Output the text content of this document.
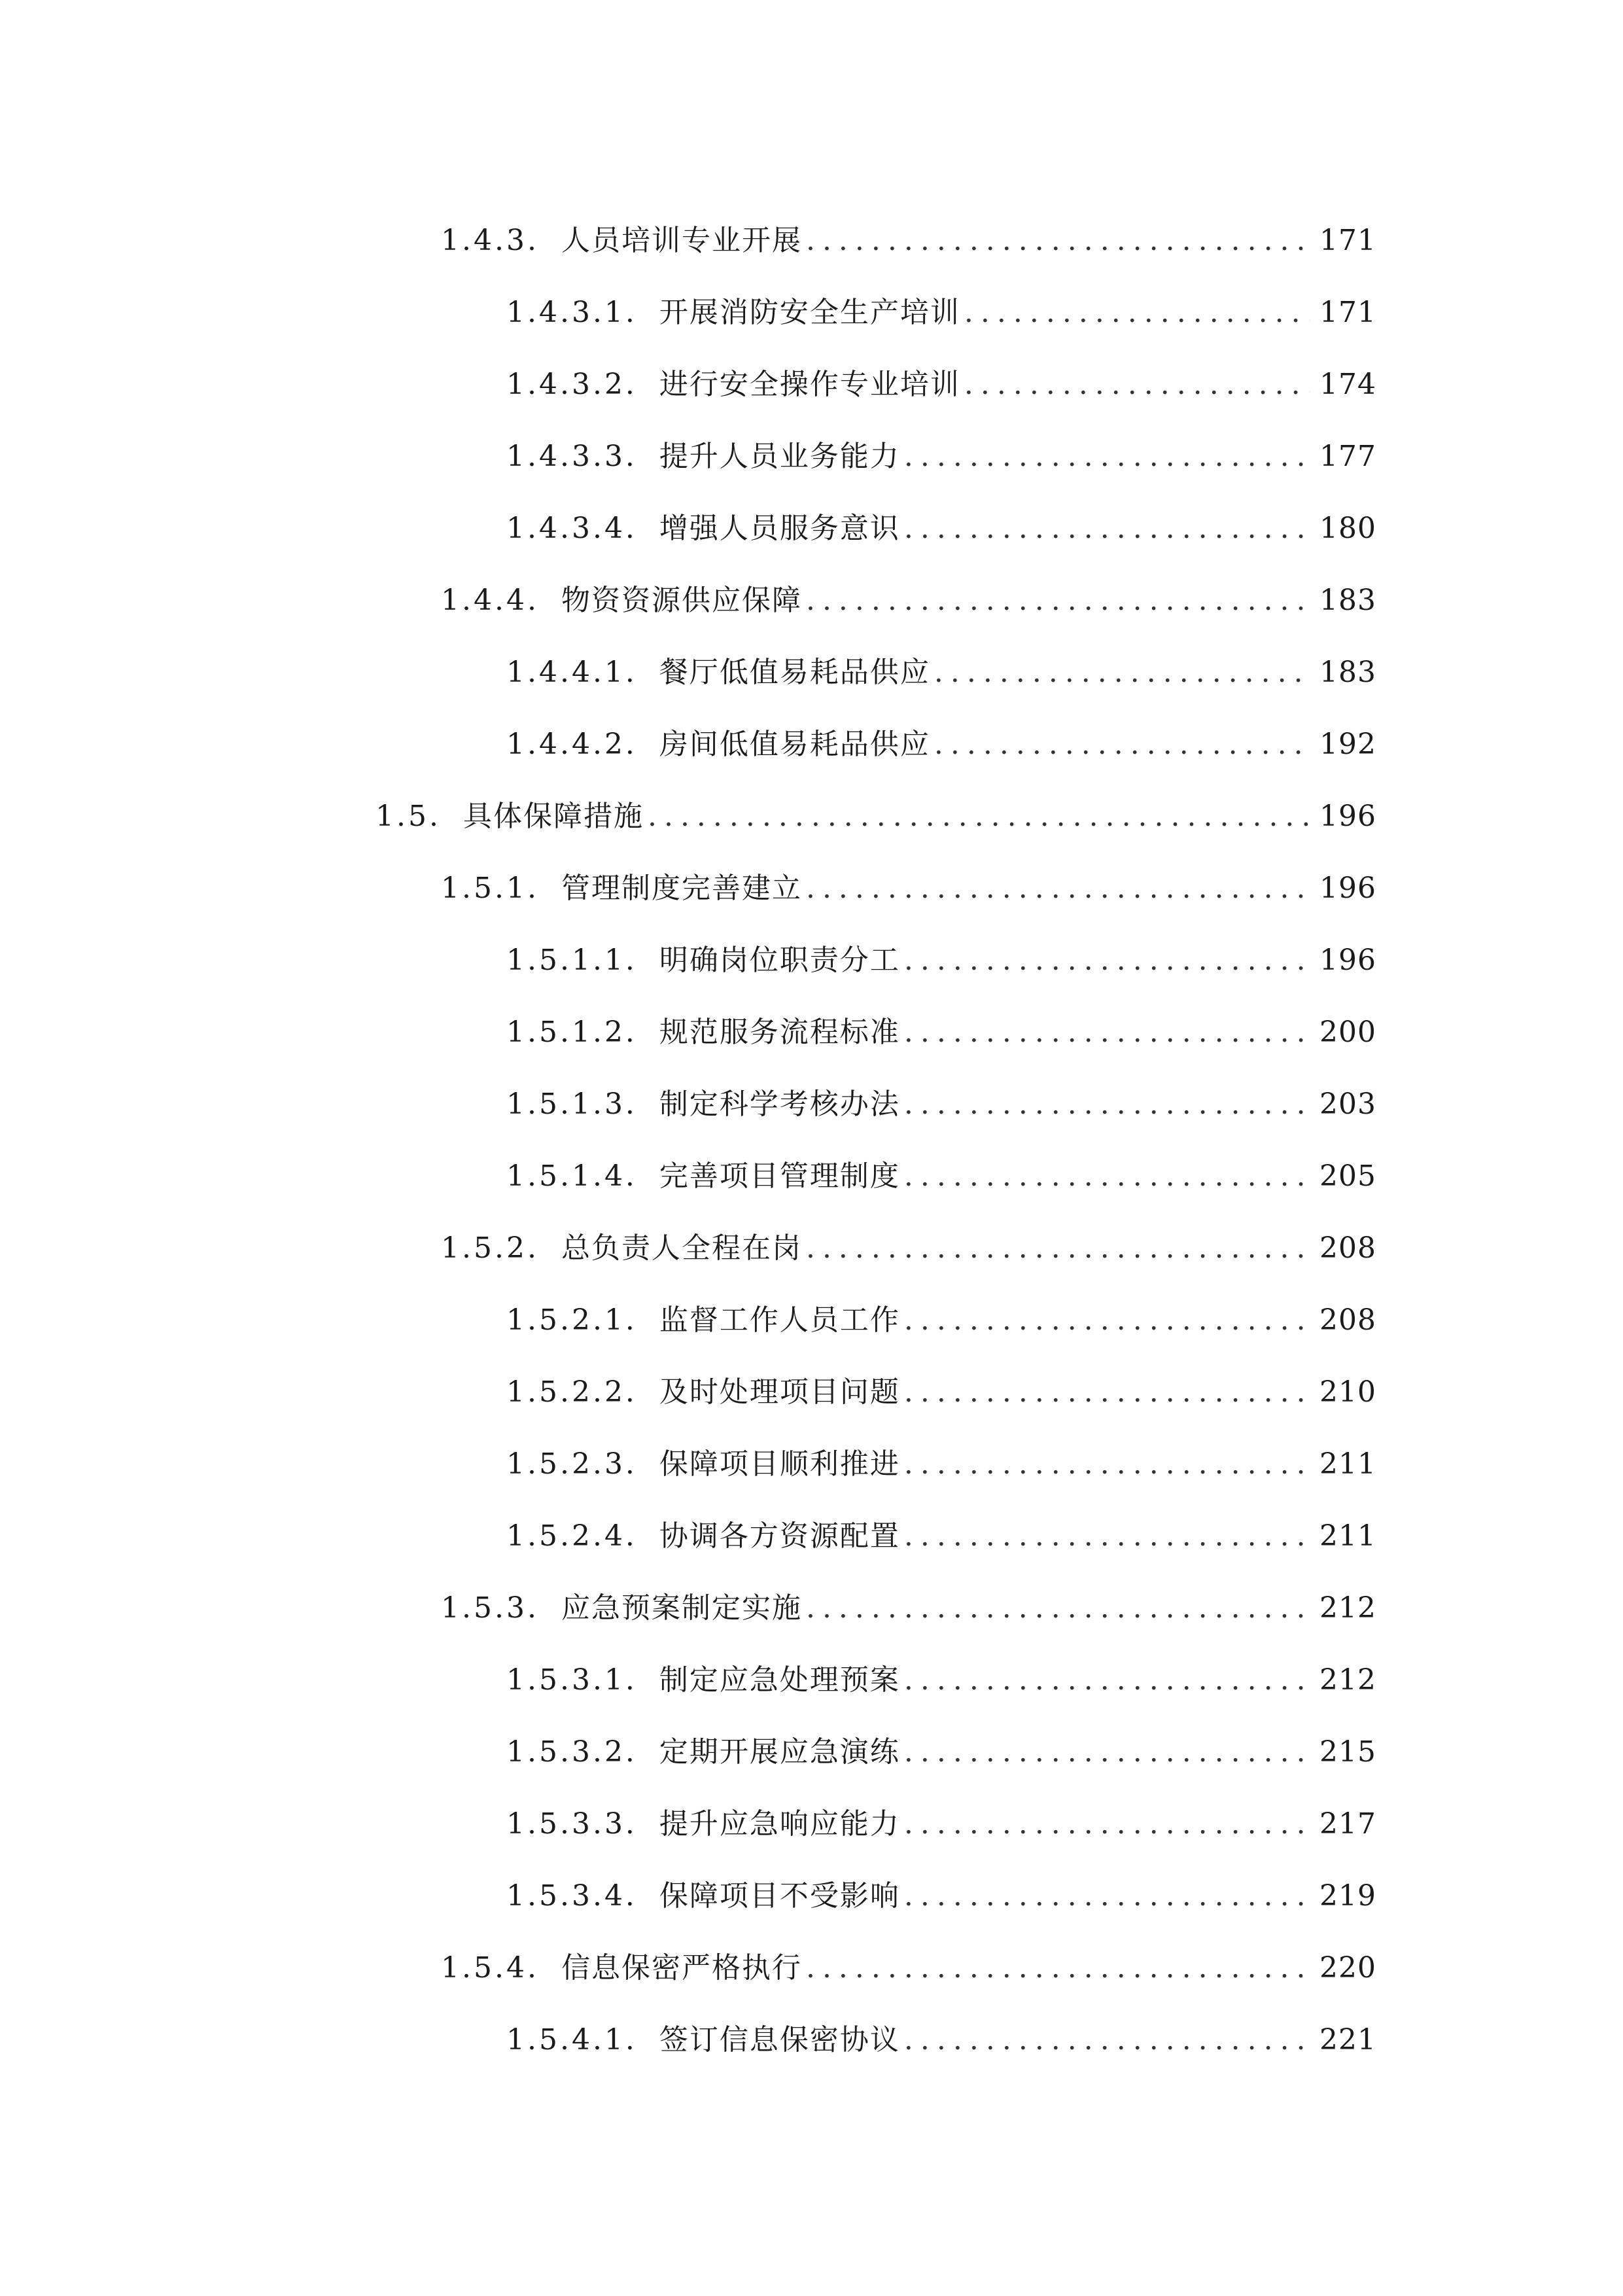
1.4.3. 人员培训专业开展 .....	171
1.4.3.1. 开展消防安全生产培训 .....	171
1.4.3.2. 进行安全操作专业培训 .....	174
1.4.3.3. 提升人员业务能力 .....	177
1.4.3.4. 增强人员服务意识 .....	180
1.4.4. 物资资源供应保障 .....	183
1.4.4.1. 餐厅低值易耗品供应 .....	183
1.4.4.2. 房间低值易耗品供应 .....	192
1.5. 具体保障措施 .....	196
1.5.1. 管理制度完善建立 .....	196
1.5.1.1. 明确岗位职责分工 .....	196
1.5.1.2. 规范服务流程标准 .....	200
1.5.1.3. 制定科学考核办法 .....	203
1.5.1.4. 完善项目管理制度 .....	205
1.5.2. 总负责人全程在岗 .....	208
1.5.2.1. 监督工作人员工作 .....	208
1.5.2.2. 及时处理项目问题 .....	210
1.5.2.3. 保障项目顺利推进 .....	211
1.5.2.4. 协调各方资源配置 .....	211
1.5.3. 应急预案制定实施 .....	212
1.5.3.1. 制定应急处理预案 .....	212
1.5.3.2. 定期开展应急演练 .....	215
1.5.3.3. 提升应急响应能力 .....	217
1.5.3.4. 保障项目不受影响 .....	219
1.5.4. 信息保密严格执行 .....	220
1.5.4.1. 签订信息保密协议 .....	221
